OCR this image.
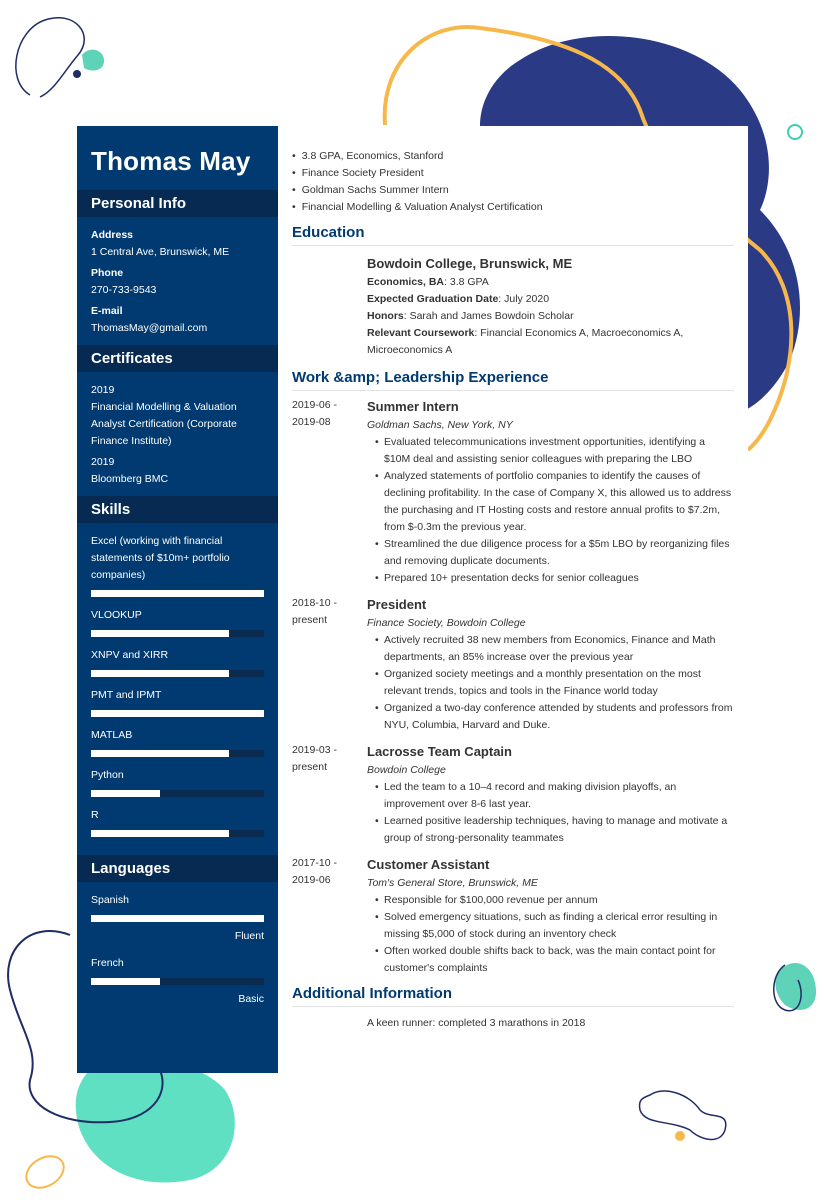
Thomas May
Personal Info
Address
1 Central Ave, Brunswick, ME
Phone
270-733-9543
E-mail
ThomasMay@gmail.com
Certificates
2019
Financial Modelling & Valuation Analyst Certification (Corporate Finance Institute)
2019
Bloomberg BMC
Skills
Excel (working with financial statements of $10m+ portfolio companies)
VLOOKUP
XNPV and XIRR
PMT and IPMT
MATLAB
Python
R
Languages
Spanish
Fluent
French
Basic
• 3.8 GPA, Economics, Stanford
• Finance Society President
• Goldman Sachs Summer Intern
• Financial Modelling & Valuation Analyst Certification
Education
Bowdoin College, Brunswick, ME
Economics, BA: 3.8 GPA
Expected Graduation Date: July 2020
Honors: Sarah and James Bowdoin Scholar
Relevant Coursework: Financial Economics A, Macroeconomics A, Microeconomics A
Work &amp; Leadership Experience
2019-06 -
2019-08
Summer Intern
Goldman Sachs, New York, NY
• Evaluated telecommunications investment opportunities, identifying a $10M deal and assisting senior colleagues with preparing the LBO
• Analyzed statements of portfolio companies to identify the causes of declining profitability. In the case of Company X, this allowed us to address the purchasing and IT Hosting costs and restore annual profits to $7.2m, from $-0.3m the previous year.
• Streamlined the due diligence process for a $5m LBO by reorganizing files and removing duplicate documents.
• Prepared 10+ presentation decks for senior colleagues
2018-10 -
present
President
Finance Society, Bowdoin College
• Actively recruited 38 new members from Economics, Finance and Math departments, an 85% increase over the previous year
• Organized society meetings and a monthly presentation on the most relevant trends, topics and tools in the Finance world today
• Organized a two-day conference attended by students and professors from NYU, Columbia, Harvard and Duke.
2019-03 -
present
Lacrosse Team Captain
Bowdoin College
• Led the team to a 10–4 record and making division playoffs, an improvement over 8-6 last year.
• Learned positive leadership techniques, having to manage and motivate a group of strong-personality teammates
2017-10 -
2019-06
Customer Assistant
Tom's General Store, Brunswick, ME
• Responsible for $100,000 revenue per annum
• Solved emergency situations, such as finding a clerical error resulting in missing $5,000 of stock during an inventory check
• Often worked double shifts back to back, was the main contact point for customer's complaints
Additional Information
A keen runner: completed 3 marathons in 2018
